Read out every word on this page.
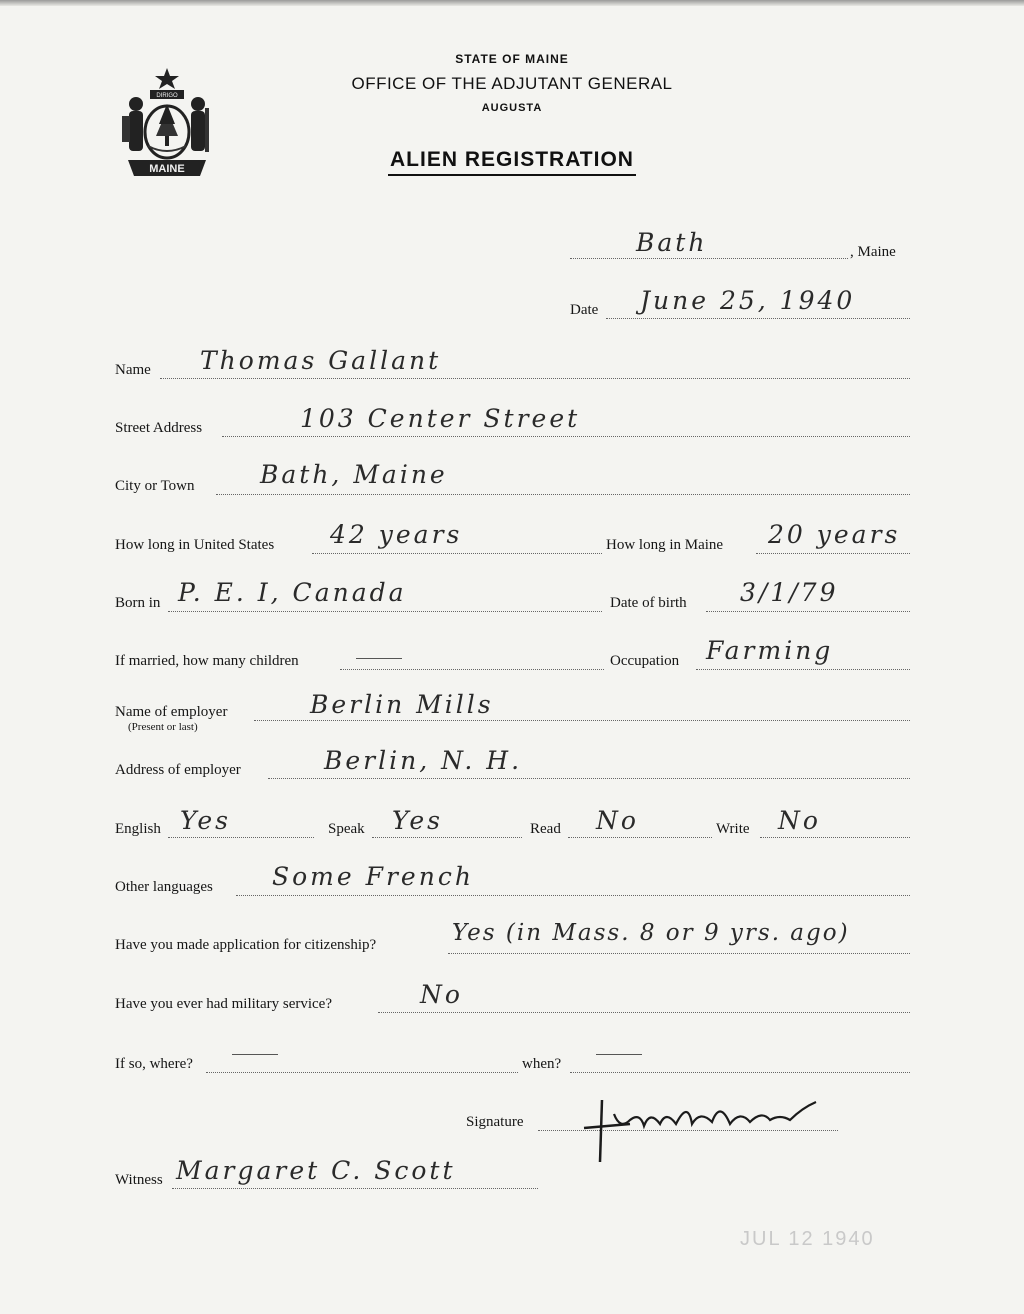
DIRIGO
MAINE
STATE OF MAINE
OFFICE OF THE ADJUTANT GENERAL
AUGUSTA
ALIEN REGISTRATION
Bath	, Maine
Date June 25, 1940
Name Thomas Gallant
Street Address	103 Center Street
City or Town	Bath, Maine
How long in United States 42 years	How long in Maine 20 years
Born in P. E. I, Canada	Date of birth 3/1/79
If married, how many children	Occupation Farming
Name of employer
(Present or last)
Berlin Mills
Address of employer	Berlin, N. H.
English Yes	Speak Yes	Read No	Write No
Other languages Some French
Have you made application for citizenship?	Yes (in Mass. 8 or 9 yrs. ago)
Have you ever had military service?	No
If so, where?	when?
Signature
Witness Margaret C. Scott
JUL 12 1940
